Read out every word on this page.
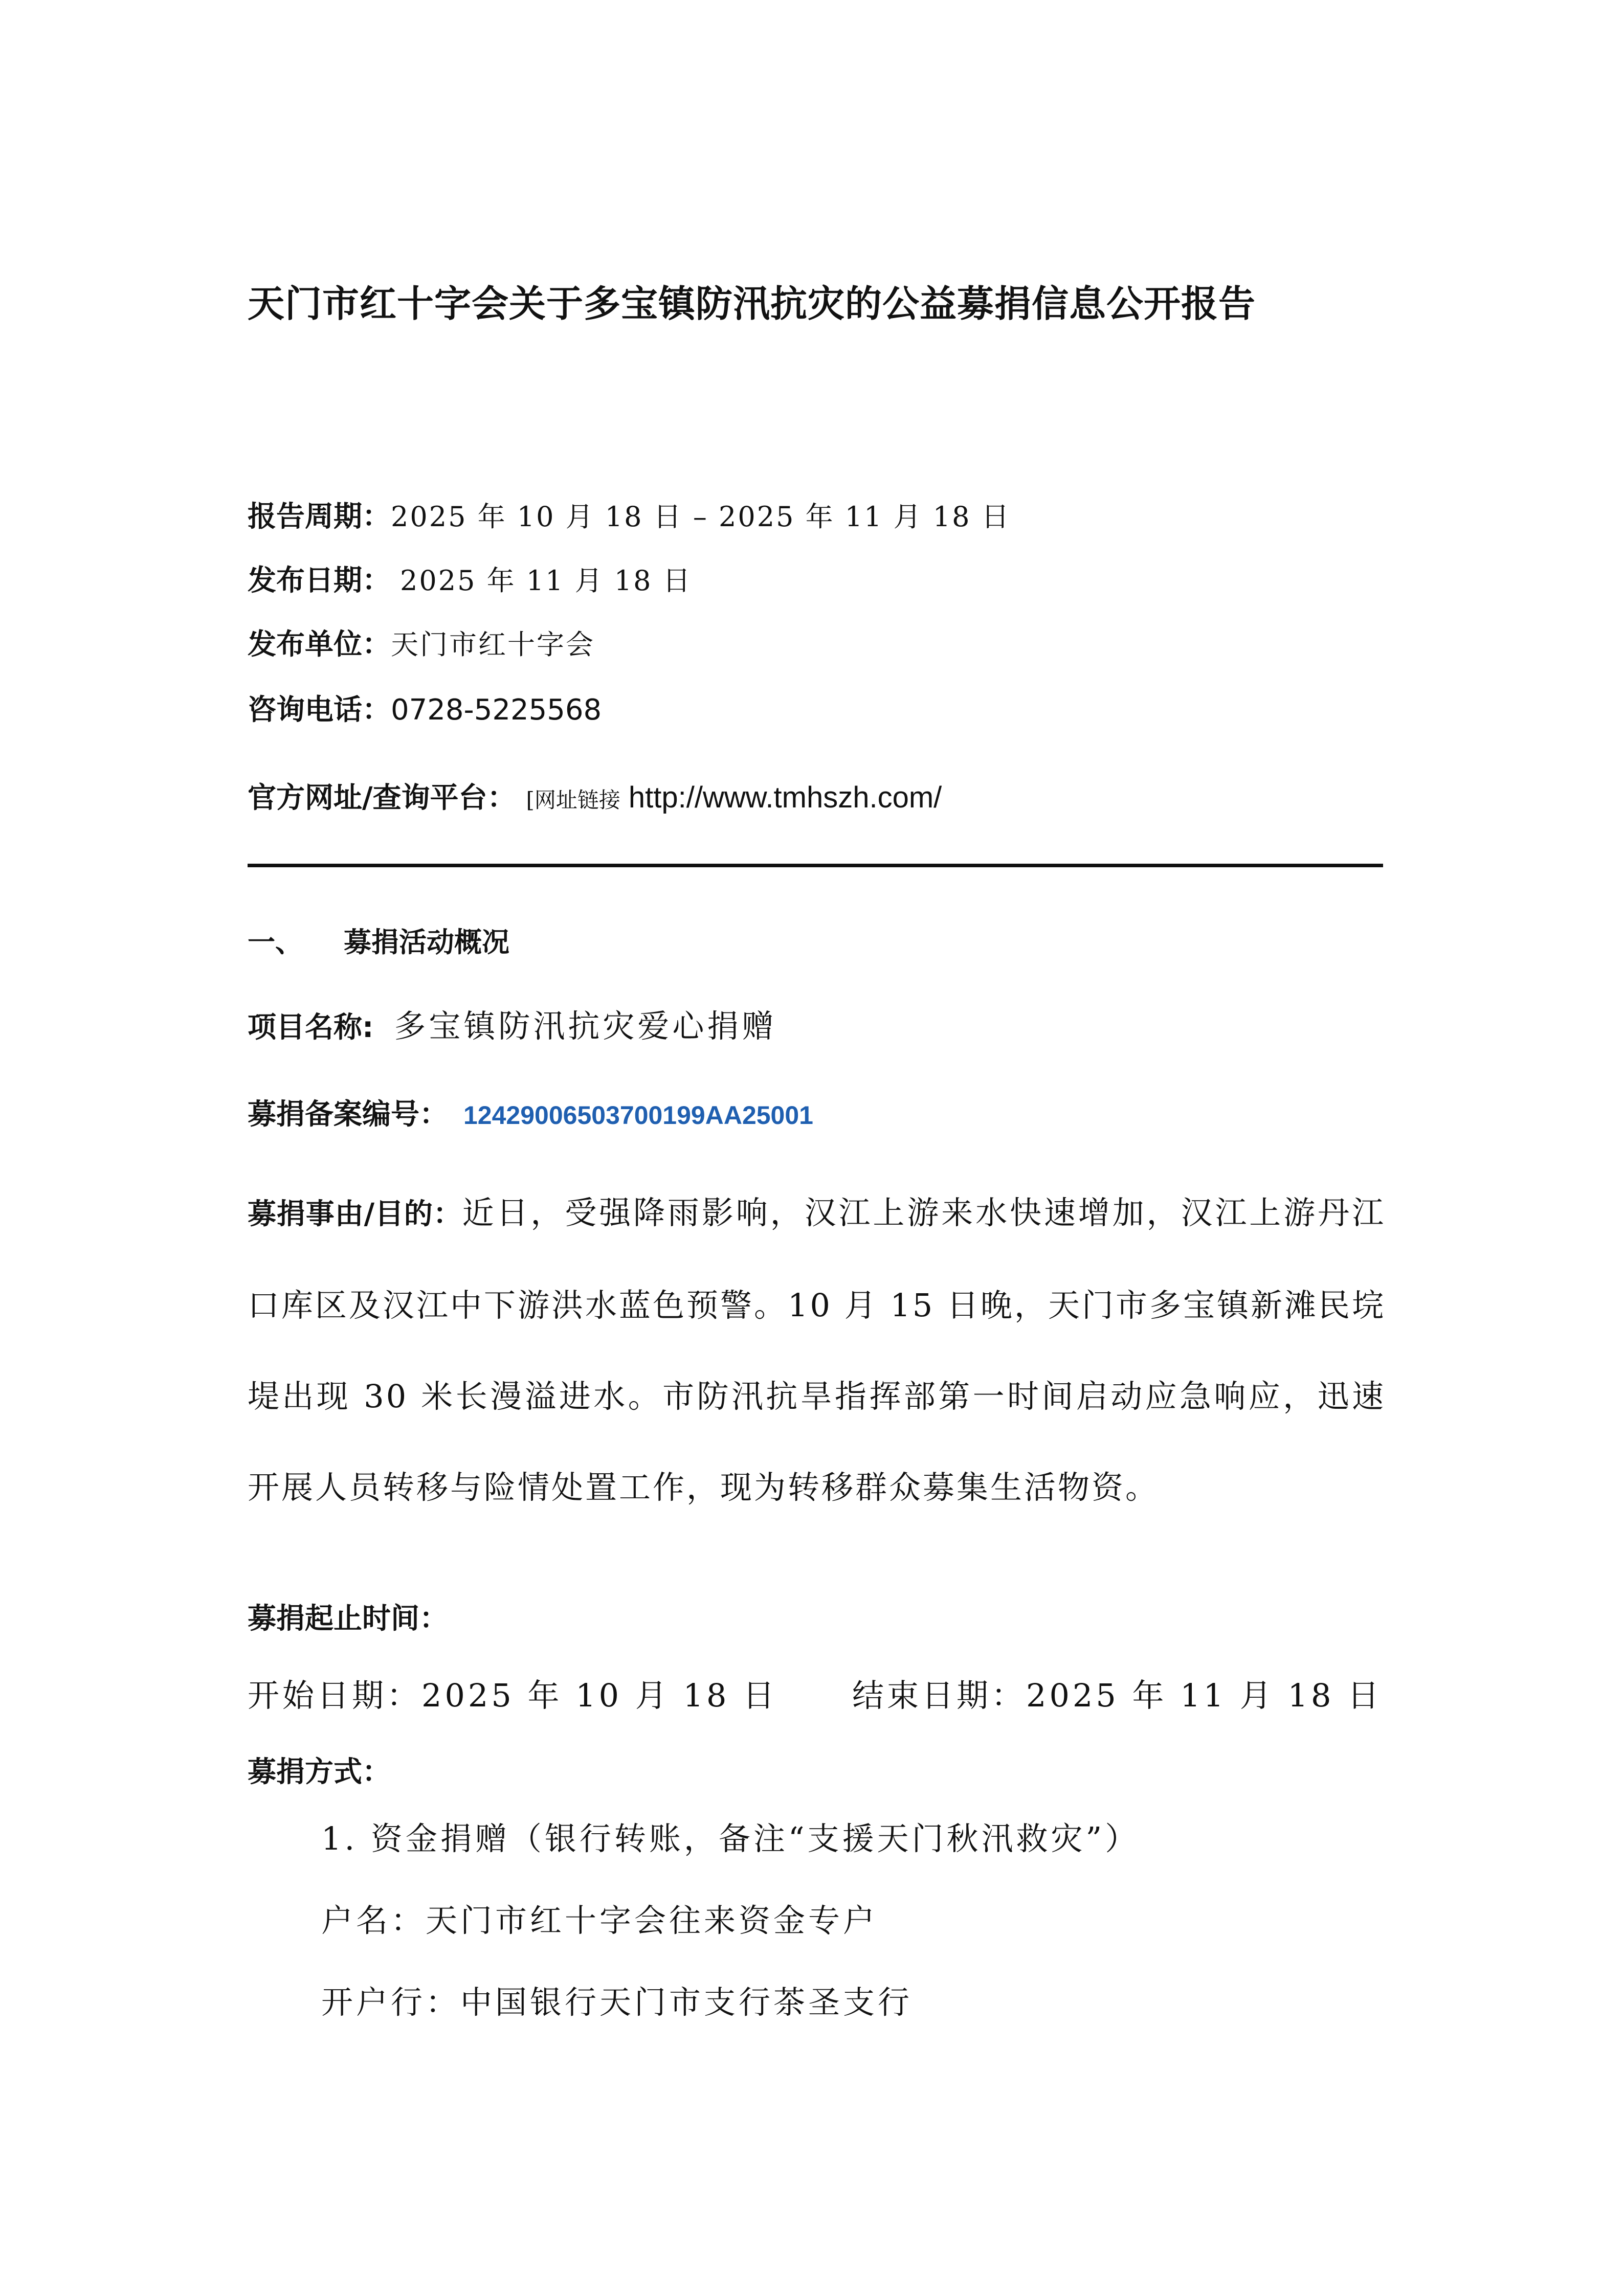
天门市红十字会关于多宝镇防汛抗灾的公益募捐信息公开报告
报告周期：2025 年 10 月 18 日 – 2025 年 11 月 18 日
发布日期： 2025 年 11 月 18 日
发布单位：天门市红十字会
咨询电话：0728-5225568
官方网址/查询平台： [网址链接 http://www.tmhszh.com/
一、 募捐活动概况
项目名称: 多宝镇防汛抗灾爱心捐赠
募捐备案编号： 12429006503700199AA25001
募捐事由/目的：近日，受强降雨影响，汉江上游来水快速增加，汉江上游丹江口库区及汉江中下游洪水蓝色预警。10 月 15 日晚，天门市多宝镇新滩民垸堤出现 30 米长漫溢进水。市防汛抗旱指挥部第一时间启动应急响应，迅速开展人员转移与险情处置工作，现为转移群众募集生活物资。
募捐起止时间：
开始日期：2025 年 10 月 18 日 结束日期：2025 年 11 月 18 日
募捐方式：
1. 资金捐赠（银行转账，备注“支援天门秋汛救灾”）
户名：天门市红十字会往来资金专户
开户行：中国银行天门市支行茶圣支行
